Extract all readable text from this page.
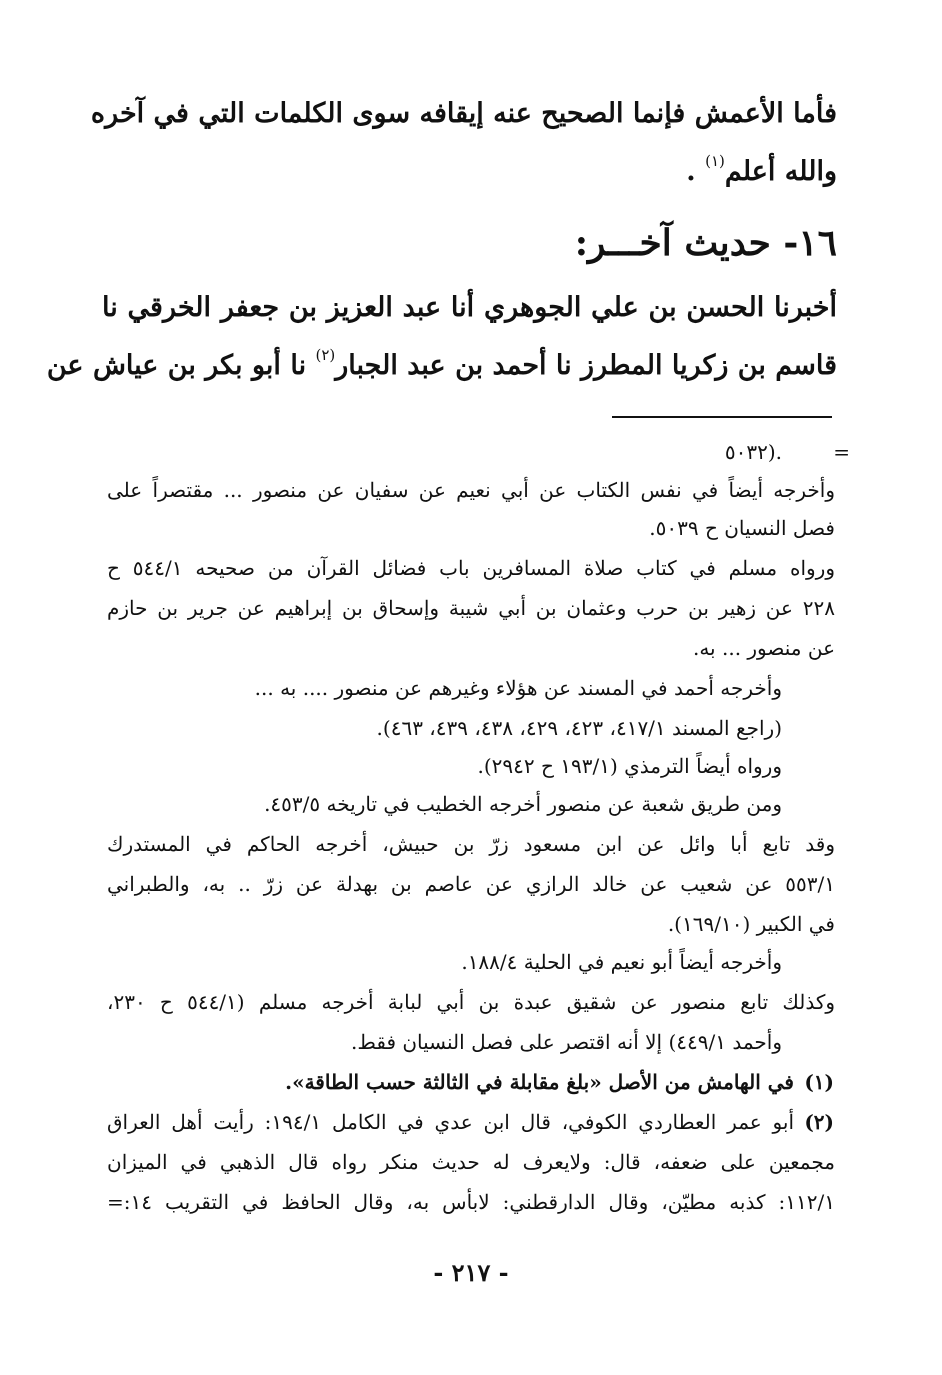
فأما الأعمش فإنما الصحيح عنه إيقافه سوى الكلمات التي في آخره
والله أعلم$^{(١)}$ .
١٦- حديث آخـــر:
أخبرنا الحسن بن علي الجوهري أنا عبد العزيز بن جعفر الخرقي نا
قاسم بن زكريا المطرز نا أحمد بن عبد الجبار$^{(٢)}$ نا أبو بكر بن عياش عن
=
.(٥٠٣٢
وأخرجه أيضاً في نفس الكتاب عن أبي نعيم عن سفيان عن منصور ... مقتصراً على
فصل النسيان ح ٥٠٣٩.
ورواه مسلم في كتاب صلاة المسافرين باب فضائل القرآن من صحيحه ٥٤٤/١ ح
٢٢٨ عن زهير بن حرب وعثمان بن أبي شيبة وإسحاق بن إبراهيم عن جرير بن حازم
عن منصور ... به.
وأخرجه أحمد في المسند عن هؤلاء وغيرهم عن منصور .... به ...
(راجع المسند ٤١٧/١، ٤٢٣، ٤٢٩، ٤٣٨، ٤٣٩، ٤٦٣).
ورواه أيضاً الترمذي (١٩٣/١ ح ٢٩٤٢).
ومن طريق شعبة عن منصور أخرجه الخطيب في تاريخه ٤٥٣/٥.
وقد تابع أبا وائل عن ابن مسعود زرّ بن حبيش، أخرجه الحاكم في المستدرك
٥٥٣/١ عن شعيب عن خالد الرازي عن عاصم بن بهدلة عن زرّ .. به، والطبراني
في الكبير (١٦٩/١٠).
وأخرجه أيضاً أبو نعيم في الحلية ١٨٨/٤.
وكذلك تابع منصور عن شقيق عبدة بن أبي لبابة أخرجه مسلم (٥٤٤/١ ح ٢٣٠،
وأحمد ٤٤٩/١) إلا أنه اقتصر على فصل النسيان فقط.
(١)
في الهامش من الأصل «بلغ مقابلة في الثالثة حسب الطاقة».
(٢)
أبو عمر العطاردي الكوفي، قال ابن عدي في الكامل ١٩٤/١: رأيت أهل العراق
مجمعين على ضعفه، قال: ولايعرف له حديث منكر رواه قال الذهبي في الميزان
١١٢/١: كذبه مطيّن، وقال الدارقطني: لابأس به، وقال الحافظ في التقريب ١٤:=
- ٢١٧ -
